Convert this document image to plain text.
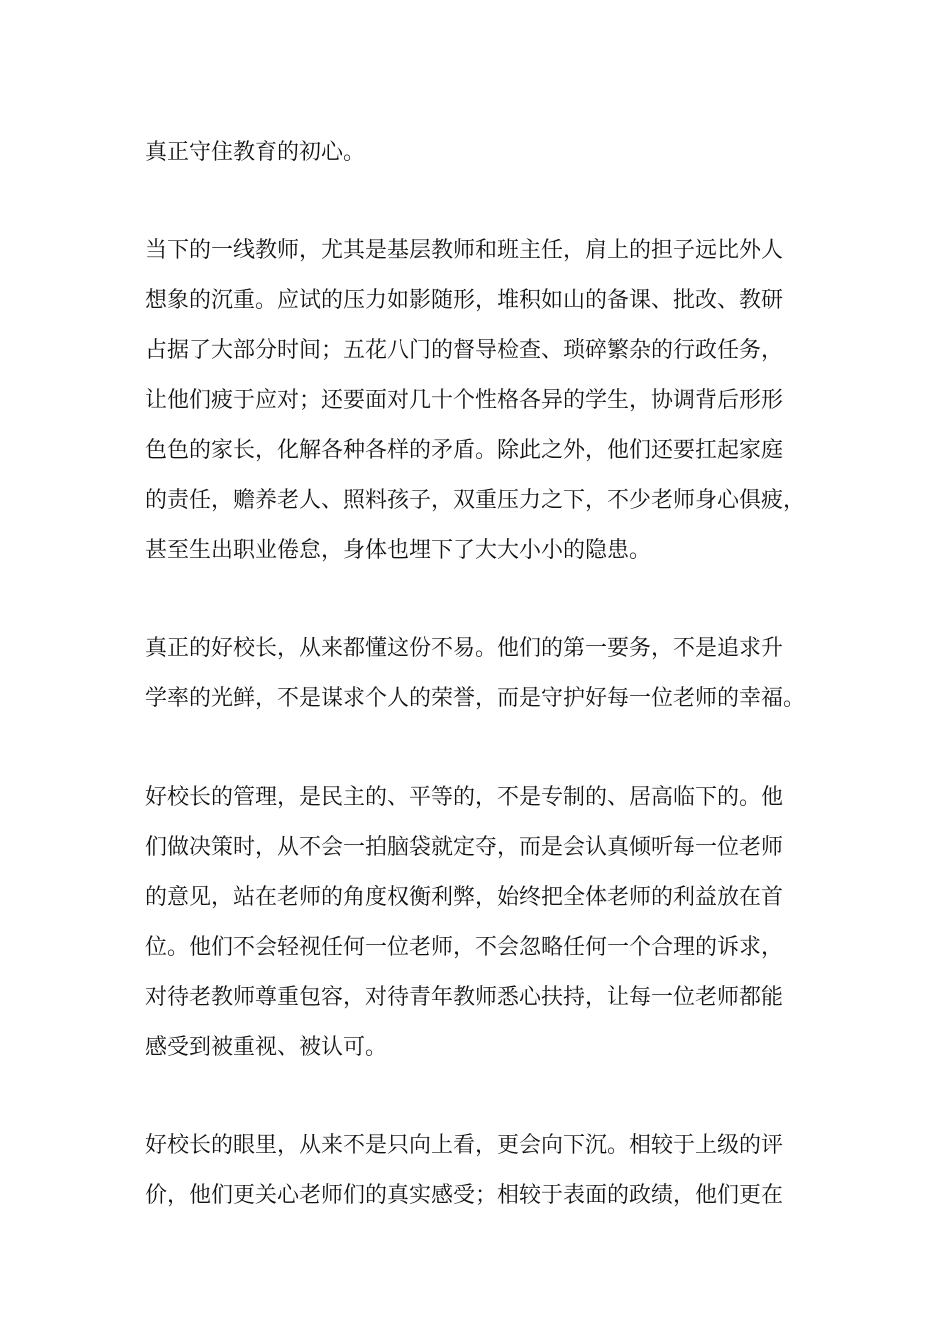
真正守住教育的初心。
当下的一线教师，尤其是基层教师和班主任，肩上的担子远比外人
想象的沉重。应试的压力如影随形，堆积如山的备课、批改、教研
占据了大部分时间；五花八门的督导检查、琐碎繁杂的行政任务，
让他们疲于应对；还要面对几十个性格各异的学生，协调背后形形
色色的家长，化解各种各样的矛盾。除此之外，他们还要扛起家庭
的责任，赡养老人、照料孩子，双重压力之下，不少老师身心俱疲，
甚至生出职业倦怠，身体也埋下了大大小小的隐患。
真正的好校长，从来都懂这份不易。他们的第一要务，不是追求升
学率的光鲜，不是谋求个人的荣誉，而是守护好每一位老师的幸福。
好校长的管理，是民主的、平等的，不是专制的、居高临下的。他
们做决策时，从不会一拍脑袋就定夺，而是会认真倾听每一位老师
的意见，站在老师的角度权衡利弊，始终把全体老师的利益放在首
位。他们不会轻视任何一位老师，不会忽略任何一个合理的诉求，
对待老教师尊重包容，对待青年教师悉心扶持，让每一位老师都能
感受到被重视、被认可。
好校长的眼里，从来不是只向上看，更会向下沉。相较于上级的评
价，他们更关心老师们的真实感受；相较于表面的政绩，他们更在
